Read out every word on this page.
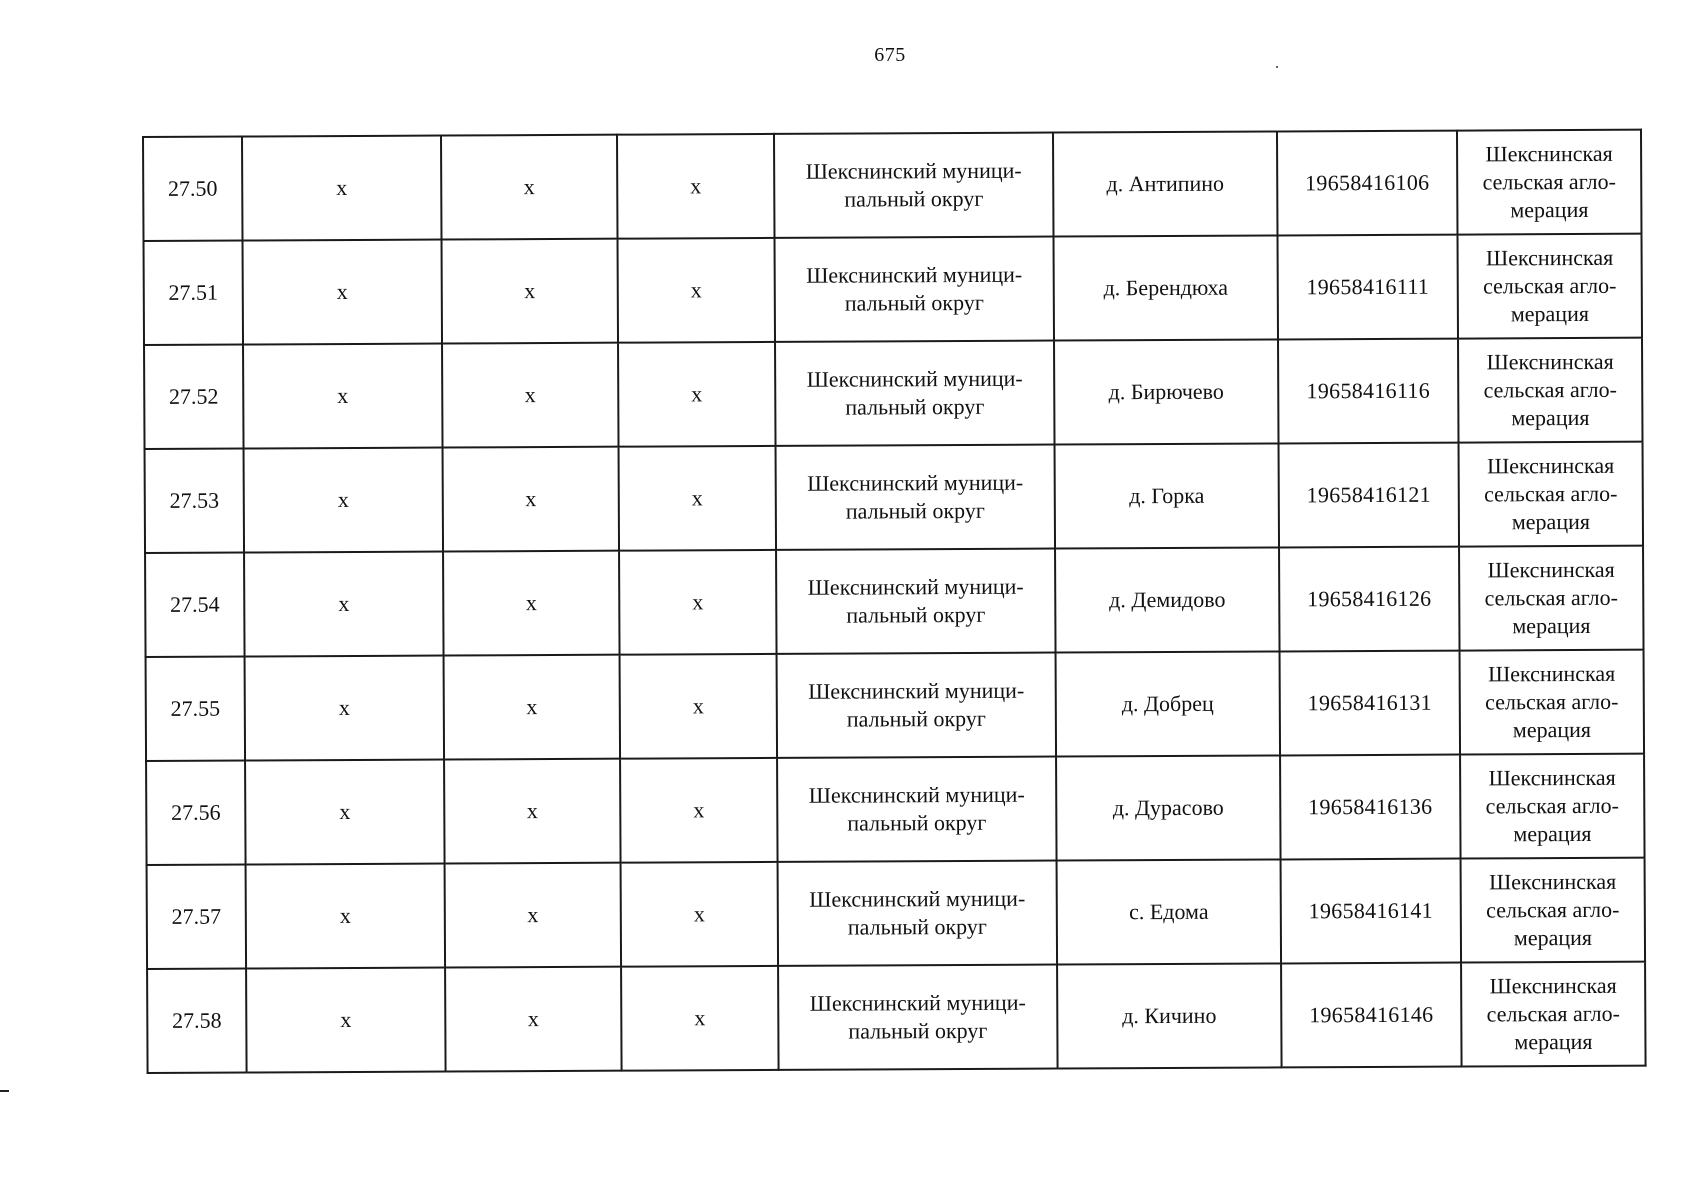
675
27.50	х	х	х	Шекснинский муници-
пальный округ	д. Антипино	19658416106	Шекснинская
сельская агло-
мерация
27.51	х	х	х	Шекснинский муници-
пальный округ	д. Берендюха	19658416111	Шекснинская
сельская агло-
мерация
27.52	х	х	х	Шекснинский муници-
пальный округ	д. Бирючево	19658416116	Шекснинская
сельская агло-
мерация
27.53	х	х	х	Шекснинский муници-
пальный округ	д. Горка	19658416121	Шекснинская
сельская агло-
мерация
27.54	х	х	х	Шекснинский муници-
пальный округ	д. Демидово	19658416126	Шекснинская
сельская агло-
мерация
27.55	х	х	х	Шекснинский муници-
пальный округ	д. Добрец	19658416131	Шекснинская
сельская агло-
мерация
27.56	х	х	х	Шекснинский муници-
пальный округ	д. Дурасово	19658416136	Шекснинская
сельская агло-
мерация
27.57	х	х	х	Шекснинский муници-
пальный округ	с. Едома	19658416141	Шекснинская
сельская агло-
мерация
27.58	х	х	х	Шекснинский муници-
пальный округ	д. Кичино	19658416146	Шекснинская
сельская агло-
мерация
